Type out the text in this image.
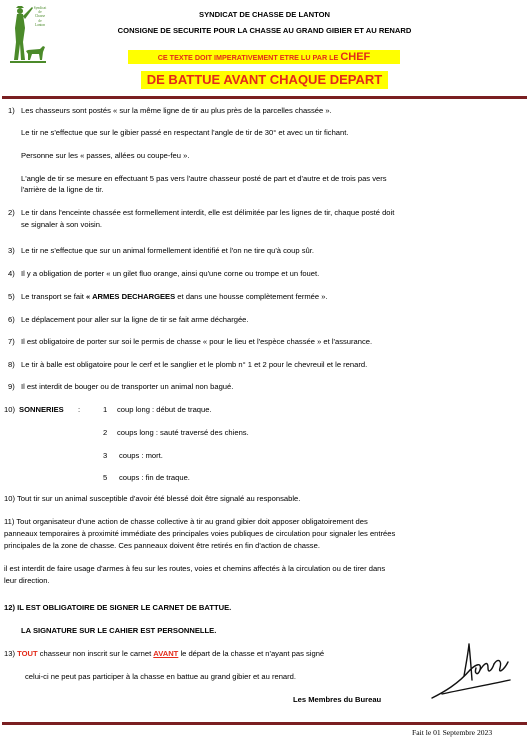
Syndicat
de
Chasse
de
Lanton
SYNDICAT DE CHASSE DE LANTON
CONSIGNE DE SECURITE POUR LA CHASSE AU GRAND GIBIER ET AU RENARD
CE TEXTE DOIT IMPERATIVEMENT ETRE LU PAR LE CHEF
DE BATTUE AVANT CHAQUE DEPART
1) Les chasseurs sont postés « sur la même ligne de tir au plus près de la parcelles chassée ».
Le tir ne s'effectue que sur le gibier passé en respectant l'angle de tir de 30° et avec un tir fichant.
Personne sur les « passes, allées ou coupe-feu ».
L'angle de tir se mesure en effectuant 5 pas vers l'autre chasseur posté de part et d'autre et de trois pas vers
l'arrière de la ligne de tir.
2) Le tir dans l'enceinte chassée est formellement interdit, elle est délimitée par les lignes de tir, chaque posté doit
se signaler à son voisin.
3) Le tir ne s'effectue que sur un animal formellement identifié et l'on ne tire qu'à coup sûr.
4) Il y a obligation de porter « un gilet fluo orange, ainsi qu'une corne ou trompe et un fouet.
5) Le transport se fait « ARMES DECHARGEES et dans une housse complètement fermée ».
6) Le déplacement pour aller sur la ligne de tir se fait arme déchargée.
7) Il est obligatoire de porter sur soi le permis de chasse « pour le lieu et l'espèce chassée » et l'assurance.
8) Le tir à balle est obligatoire pour le cerf et le sanglier et le plomb n° 1 et 2 pour le chevreuil et le renard.
9) Il est interdit de bouger ou de transporter un animal non bagué.
10) SONNERIES :	1 coup long : début de traque.
2 coups long : sauté traversé des chiens.
3 coups : mort.
5 coups : fin de traque.
10) Tout tir sur un animal susceptible d'avoir été blessé doit être signalé au responsable.
11) Tout organisateur d'une action de chasse collective à tir au grand gibier doit apposer obligatoirement des
panneaux temporaires à proximité immédiate des principales voies publiques de circulation pour signaler les entrées
principales de la zone de chasse. Ces panneaux doivent être retirés en fin d'action de chasse.
il est interdit de faire usage d'armes à feu sur les routes, voies et chemins affectés à la circulation ou de tirer dans
leur direction.
12) IL EST OBLIGATOIRE DE SIGNER LE CARNET DE BATTUE.
LA SIGNATURE SUR LE CAHIER EST PERSONNELLE.
13) TOUT chasseur non inscrit sur le carnet AVANT le départ de la chasse et n'ayant pas signé
celui-ci ne peut pas participer à la chasse en battue au grand gibier et au renard.
Les Membres du Bureau
Fait le 01 Septembre 2023
